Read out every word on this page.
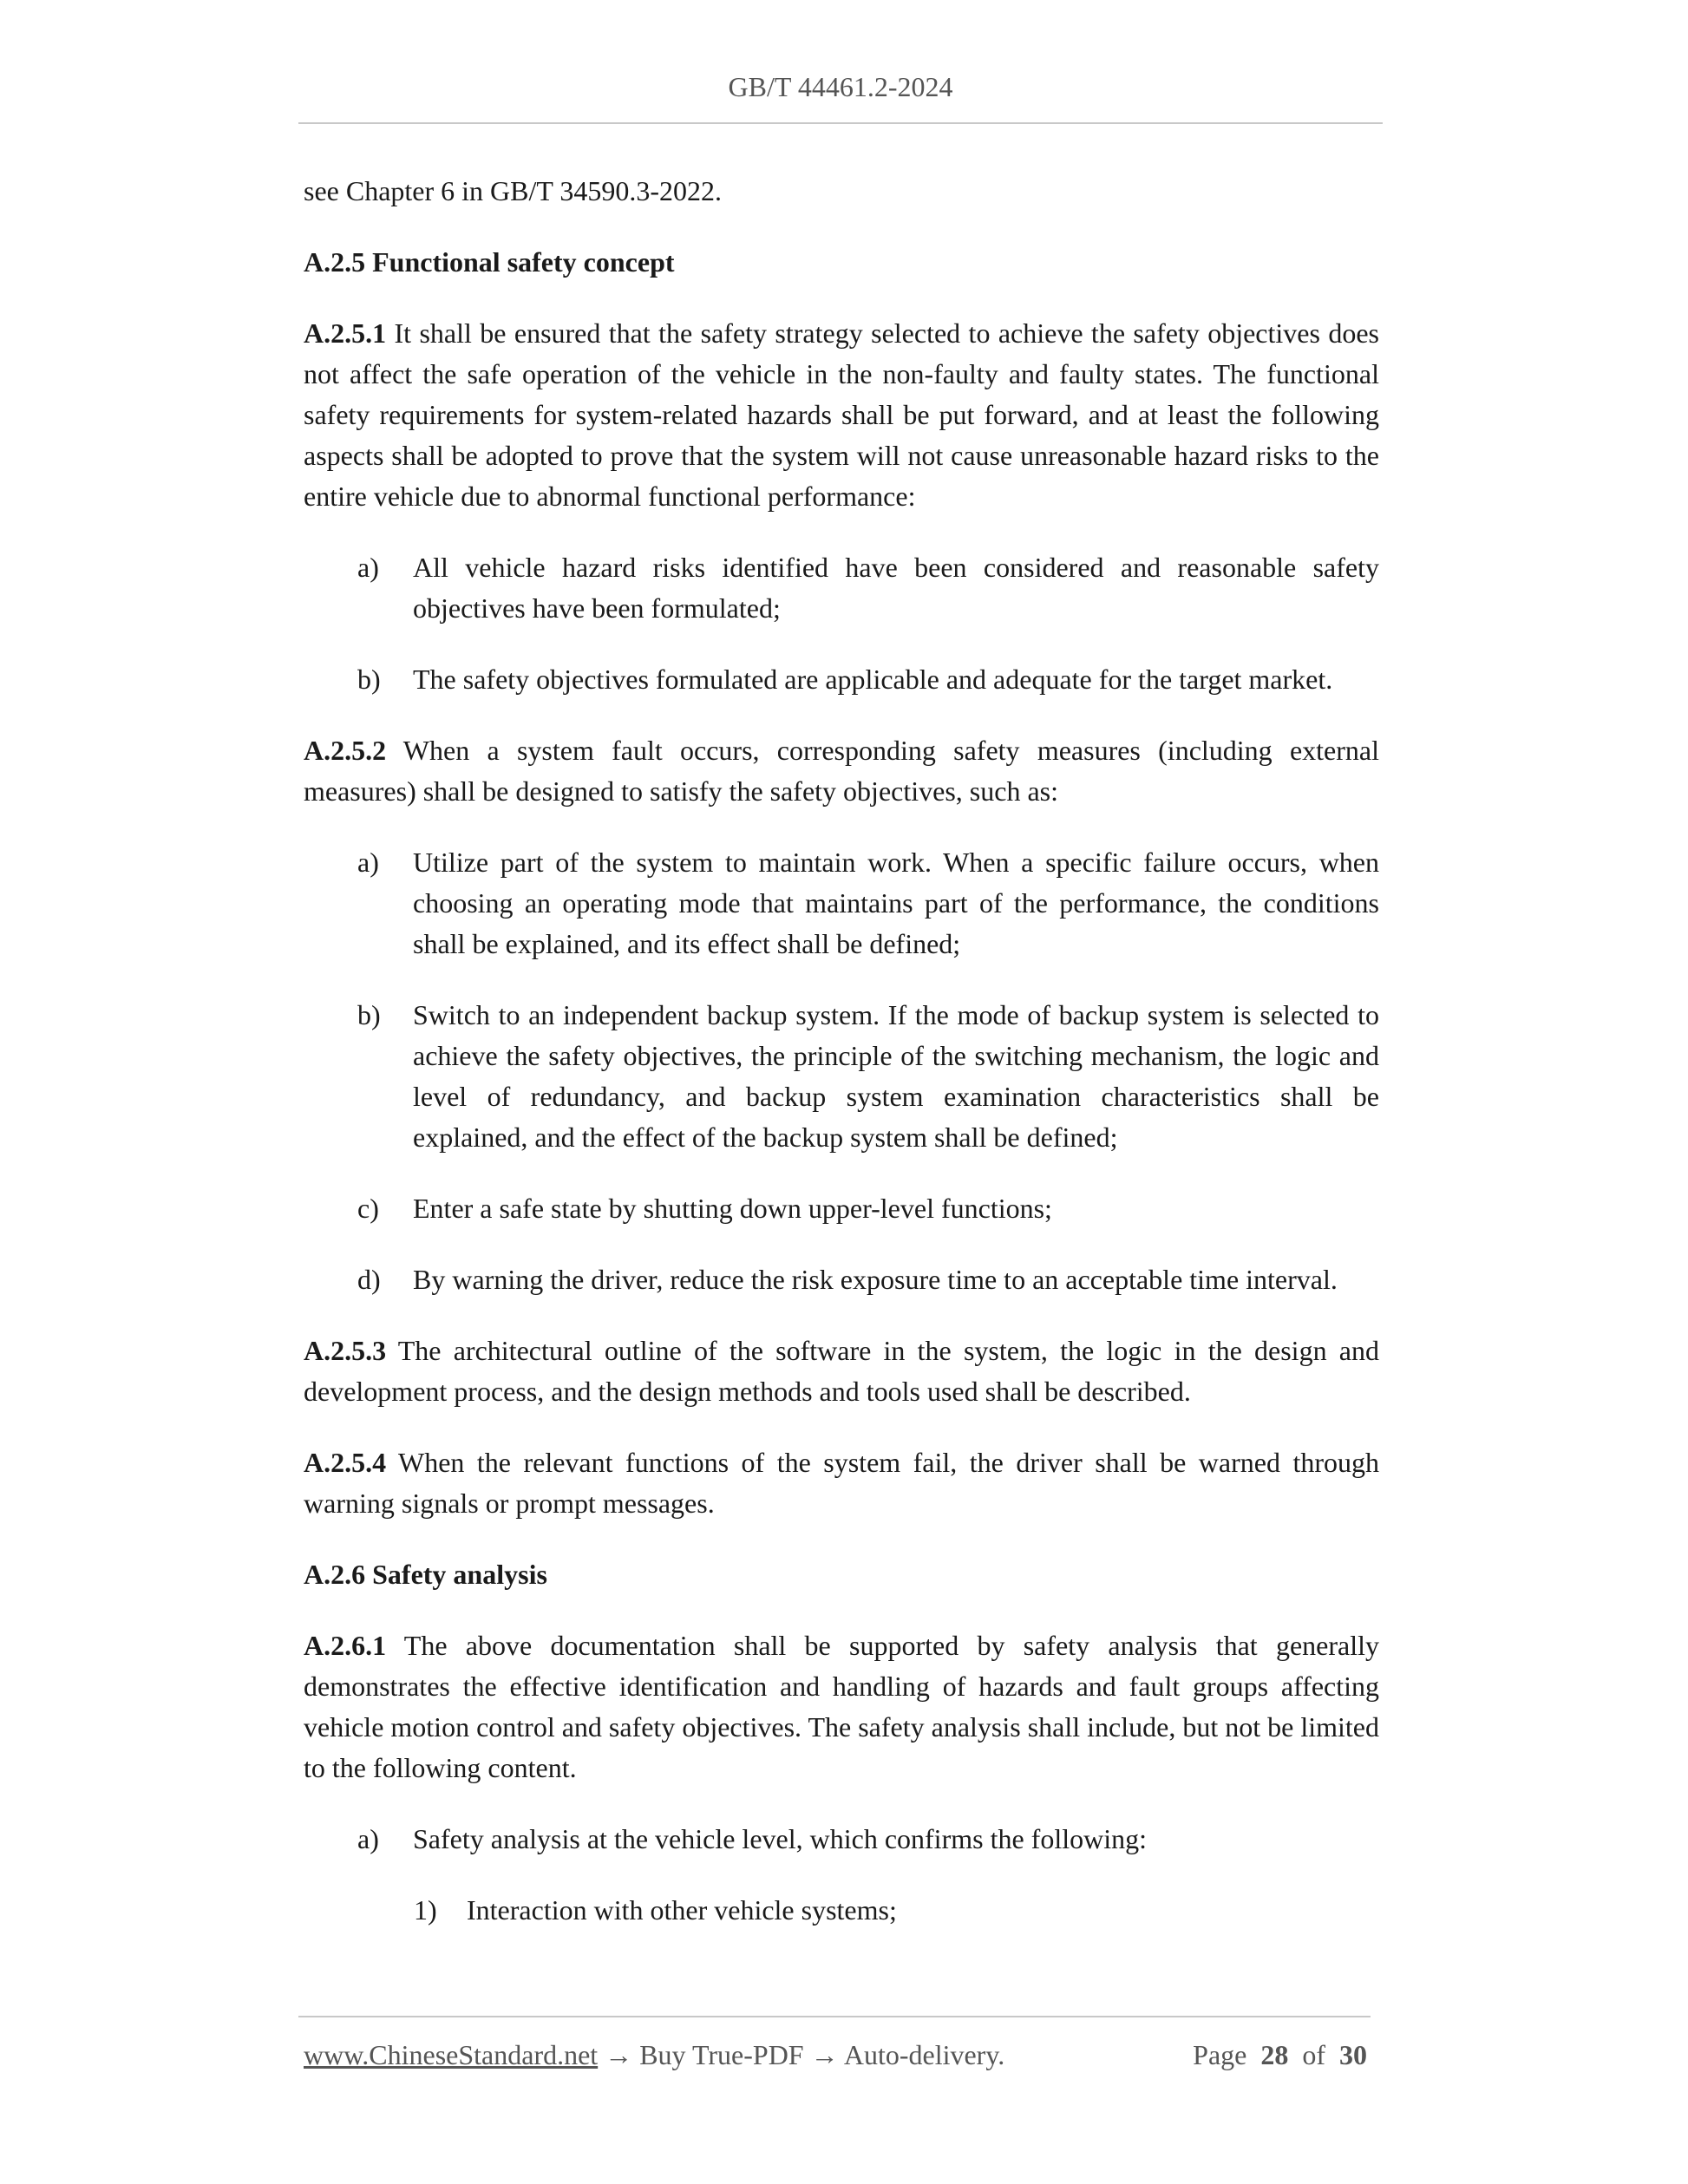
GB/T 44461.2-2024

see Chapter 6 in GB/T 34590.3-2022.

A.2.5 Functional safety concept

A.2.5.1 It shall be ensured that the safety strategy selected to achieve the safety objectives does not affect the safe operation of the vehicle in the non-faulty and faulty states. The functional safety requirements for system-related hazards shall be put forward, and at least the following aspects shall be adopted to prove that the system will not cause unreasonable hazard risks to the entire vehicle due to abnormal functional performance:

a) All vehicle hazard risks identified have been considered and reasonable safety objectives have been formulated;
b) The safety objectives formulated are applicable and adequate for the target market.

A.2.5.2 When a system fault occurs, corresponding safety measures (including external measures) shall be designed to satisfy the safety objectives, such as:

a) Utilize part of the system to maintain work. When a specific failure occurs, when choosing an operating mode that maintains part of the performance, the conditions shall be explained, and its effect shall be defined;
b) Switch to an independent backup system. If the mode of backup system is selected to achieve the safety objectives, the principle of the switching mechanism, the logic and level of redundancy, and backup system examination characteristics shall be explained, and the effect of the backup system shall be defined;
c) Enter a safe state by shutting down upper-level functions;
d) By warning the driver, reduce the risk exposure time to an acceptable time interval.

A.2.5.3 The architectural outline of the software in the system, the logic in the design and development process, and the design methods and tools used shall be described.

A.2.5.4 When the relevant functions of the system fail, the driver shall be warned through warning signals or prompt messages.

A.2.6 Safety analysis

A.2.6.1 The above documentation shall be supported by safety analysis that generally demonstrates the effective identification and handling of hazards and fault groups affecting vehicle motion control and safety objectives. The safety analysis shall include, but not be limited to the following content.

a) Safety analysis at the vehicle level, which confirms the following:
1) Interaction with other vehicle systems;
www.ChineseStandard.net → Buy True-PDF → Auto-delivery.	Page 28 of 30
